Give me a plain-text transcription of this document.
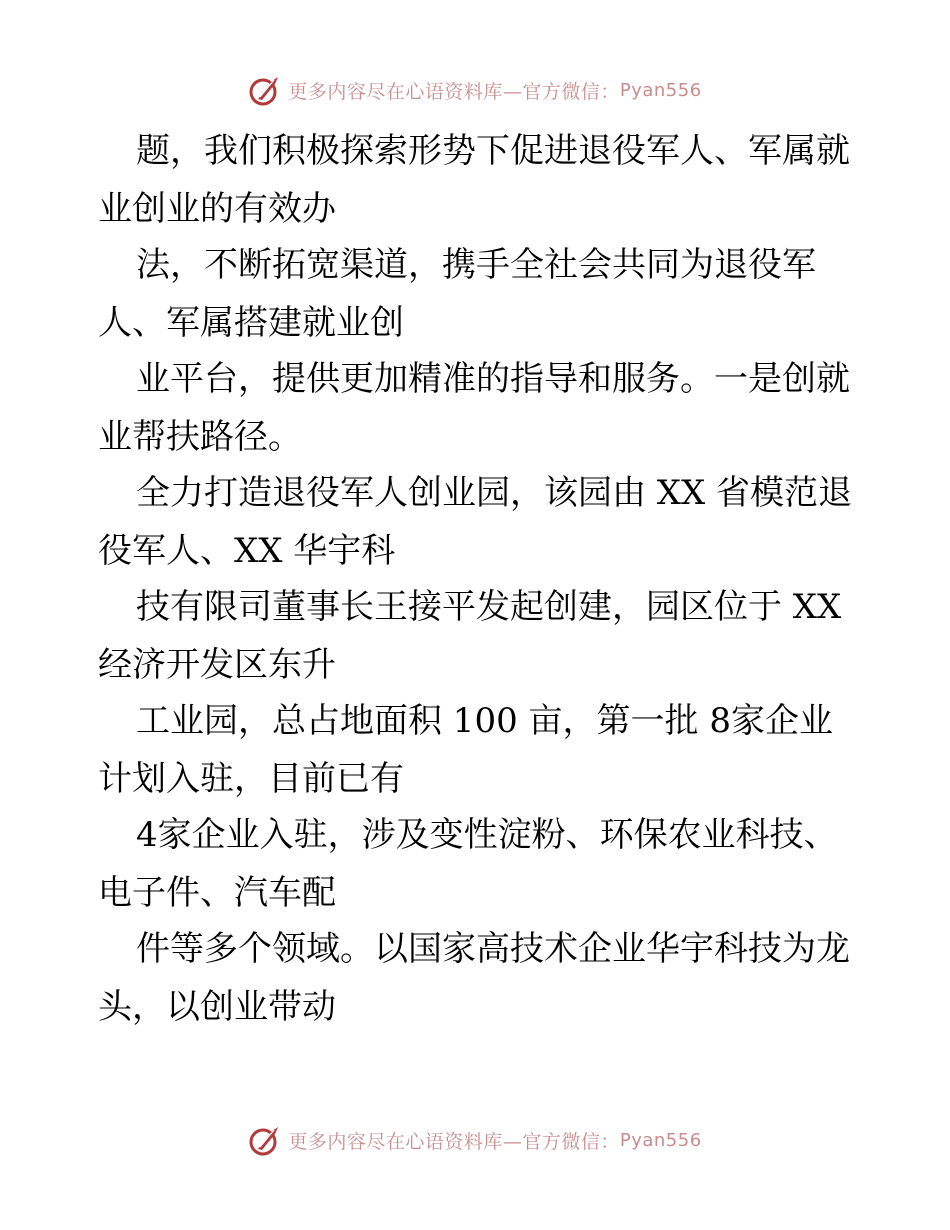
更多内容尽在心语资料库—官方微信： Pyan556
题，我们积极探索形势下促进退役军人、军属就
业创业的有效办
法，不断拓宽渠道，携手全社会共同为退役军
人、军属搭建就业创
业平台，提供更加精准的指导和服务。一是创就
业帮扶路径。
全力打造退役军人创业园，该园由 XX 省模范退
役军人、XX 华宇科
技有限司董事长王接平发起创建，园区位于 XX
经济开发区东升
工业园，总占地面积 100 亩，第一批 8家企业
计划入驻，目前已有
4家企业入驻，涉及变性淀粉、环保农业科技、
电子件、汽车配
件等多个领域。以国家高技术企业华宇科技为龙
头，以创业带动
更多内容尽在心语资料库—官方微信： Pyan556
